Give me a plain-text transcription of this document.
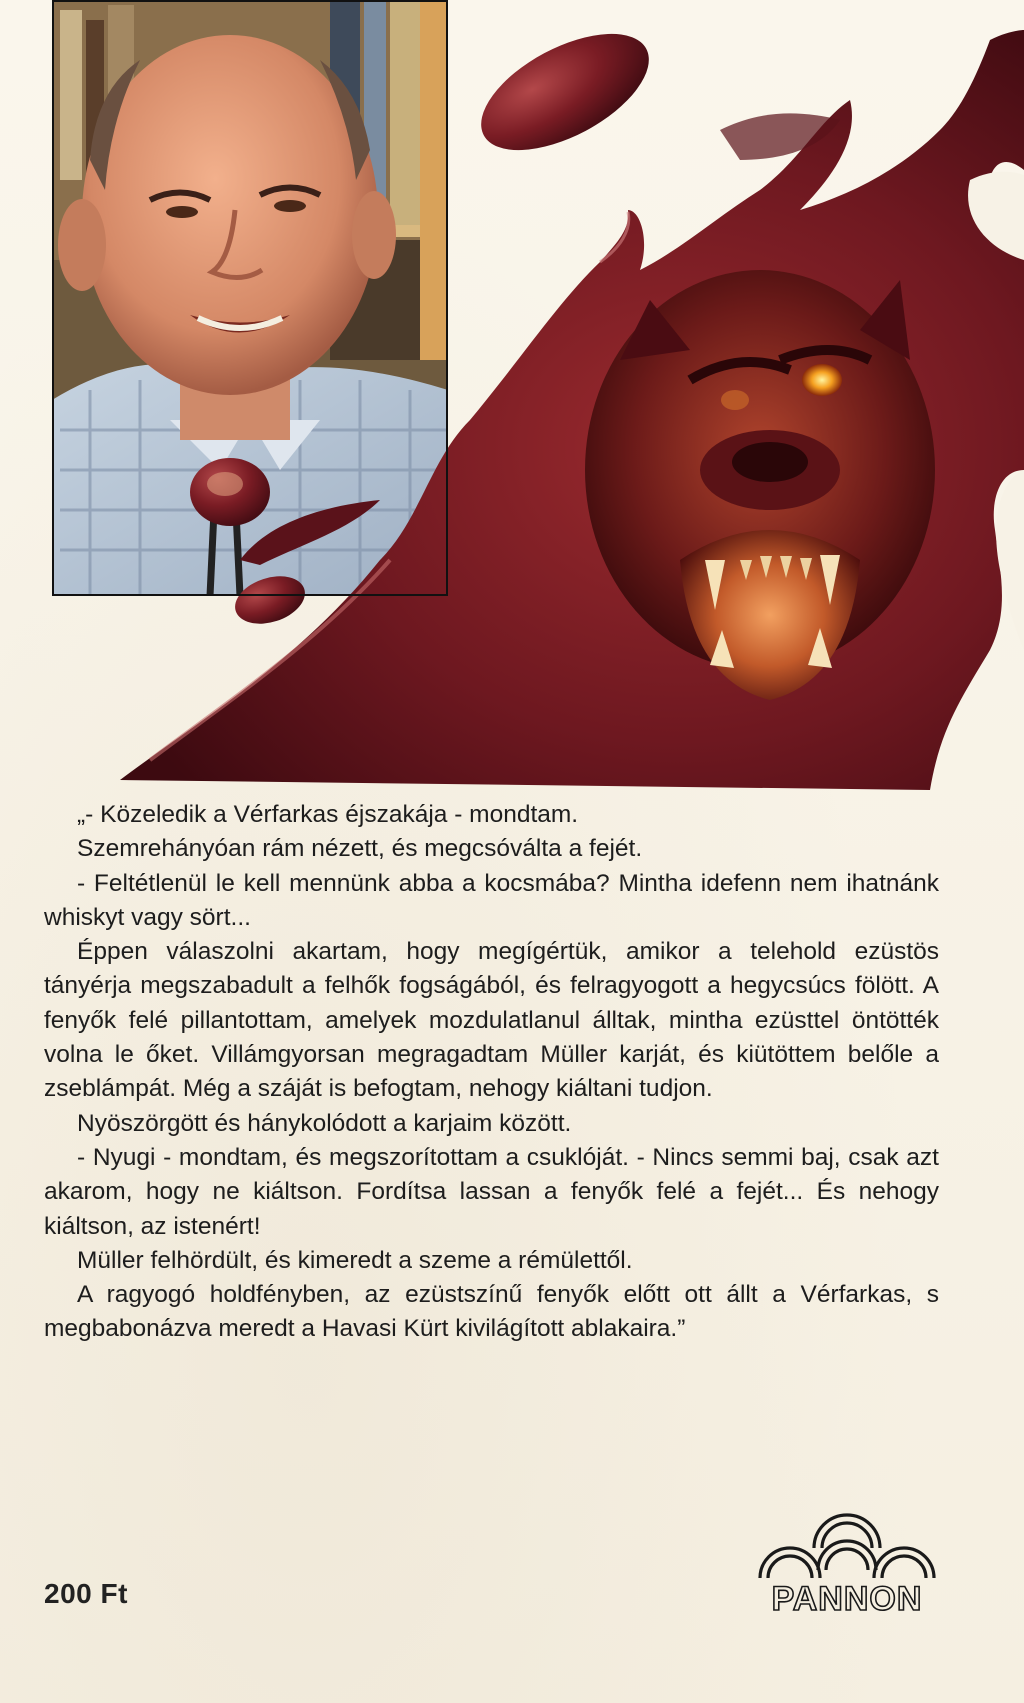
„- Közeledik a Vérfarkas éjszakája - mondtam.

Szemrehányóan rám nézett, és megcsóválta a fejét.

- Feltétlenül le kell mennünk abba a kocsmába? Mintha idefenn nem ihatnánk whiskyt vagy sört...

Éppen válaszolni akartam, hogy megígértük, amikor a telehold ezüstös tányérja megszabadult a felhők fogságából, és felragyogott a hegycsúcs fölött. A fenyők felé pillantottam, amelyek mozdulatlanul álltak, mintha ezüsttel öntötték volna le őket. Villámgyorsan megragadtam Müller karját, és kiütöttem belőle a zseblámpát. Még a száját is befogtam, nehogy kiáltani tudjon.

Nyöszörgött és hánykolódott a karjaim között.

- Nyugi - mondtam, és megszorítottam a csuklóját. - Nincs semmi baj, csak azt akarom, hogy ne kiáltson. Fordítsa lassan a fenyők felé a fejét... És nehogy kiáltson, az istenért!

Müller felhördült, és kimeredt a szeme a rémülettől.

A ragyogó holdfényben, az ezüstszínű fenyők előtt ott állt a Vérfarkas, s megbabonázva meredt a Havasi Kürt kivilágított ablakaira.”

200 Ft	PANNON
